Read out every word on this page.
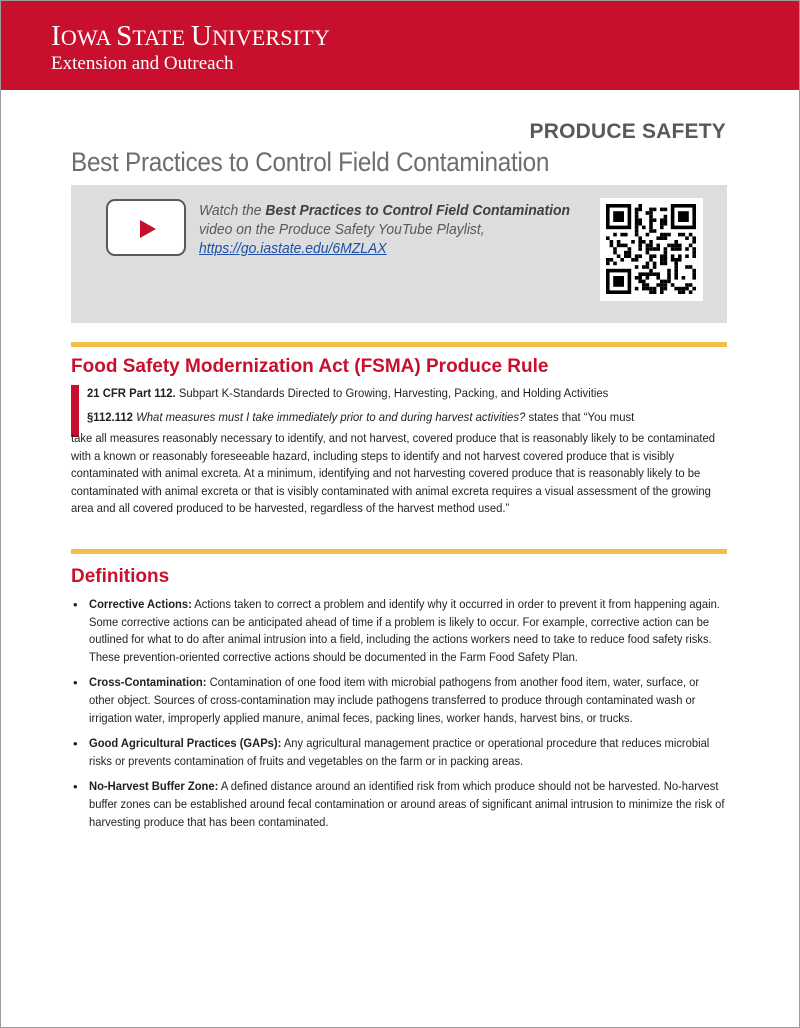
IOWA STATE UNIVERSITY
Extension and Outreach
PRODUCE SAFETY
Best Practices to Control Field Contamination
Watch the Best Practices to Control Field Contamination video on the Produce Safety YouTube Playlist,
https://go.iastate.edu/6MZLAX
Food Safety Modernization Act (FSMA) Produce Rule
21 CFR Part 112. Subpart K-Standards Directed to Growing, Harvesting, Packing, and Holding Activities
§112.112 What measures must I take immediately prior to and during harvest activities? states that “You must
take all measures reasonably necessary to identify, and not harvest, covered produce that is reasonably likely to be contaminated with a known or reasonably foreseeable hazard, including steps to identify and not harvest covered produce that is visibly contaminated with animal excreta. At a minimum, identifying and not harvesting covered produce that is reasonably likely to be contaminated with animal excreta or that is visibly contaminated with animal excreta requires a visual assessment of the growing area and all covered produced to be harvested, regardless of the harvest method used.”
Definitions
• Corrective Actions: Actions taken to correct a problem and identify why it occurred in order to prevent it from happening again. Some corrective actions can be anticipated ahead of time if a problem is likely to occur. For example, corrective action can be outlined for what to do after animal intrusion into a field, including the actions workers need to take to reduce food safety risks. These prevention-oriented corrective actions should be documented in the Farm Food Safety Plan.
• Cross-Contamination: Contamination of one food item with microbial pathogens from another food item, water, surface, or other object. Sources of cross-contamination may include pathogens transferred to produce through contaminated wash or irrigation water, improperly applied manure, animal feces, packing lines, worker hands, harvest bins, or trucks.
• Good Agricultural Practices (GAPs): Any agricultural management practice or operational procedure that reduces microbial risks or prevents contamination of fruits and vegetables on the farm or in packing areas.
• No-Harvest Buffer Zone: A defined distance around an identified risk from which produce should not be harvested. No-harvest buffer zones can be established around fecal contamination or around areas of significant animal intrusion to minimize the risk of harvesting produce that has been contaminated.
